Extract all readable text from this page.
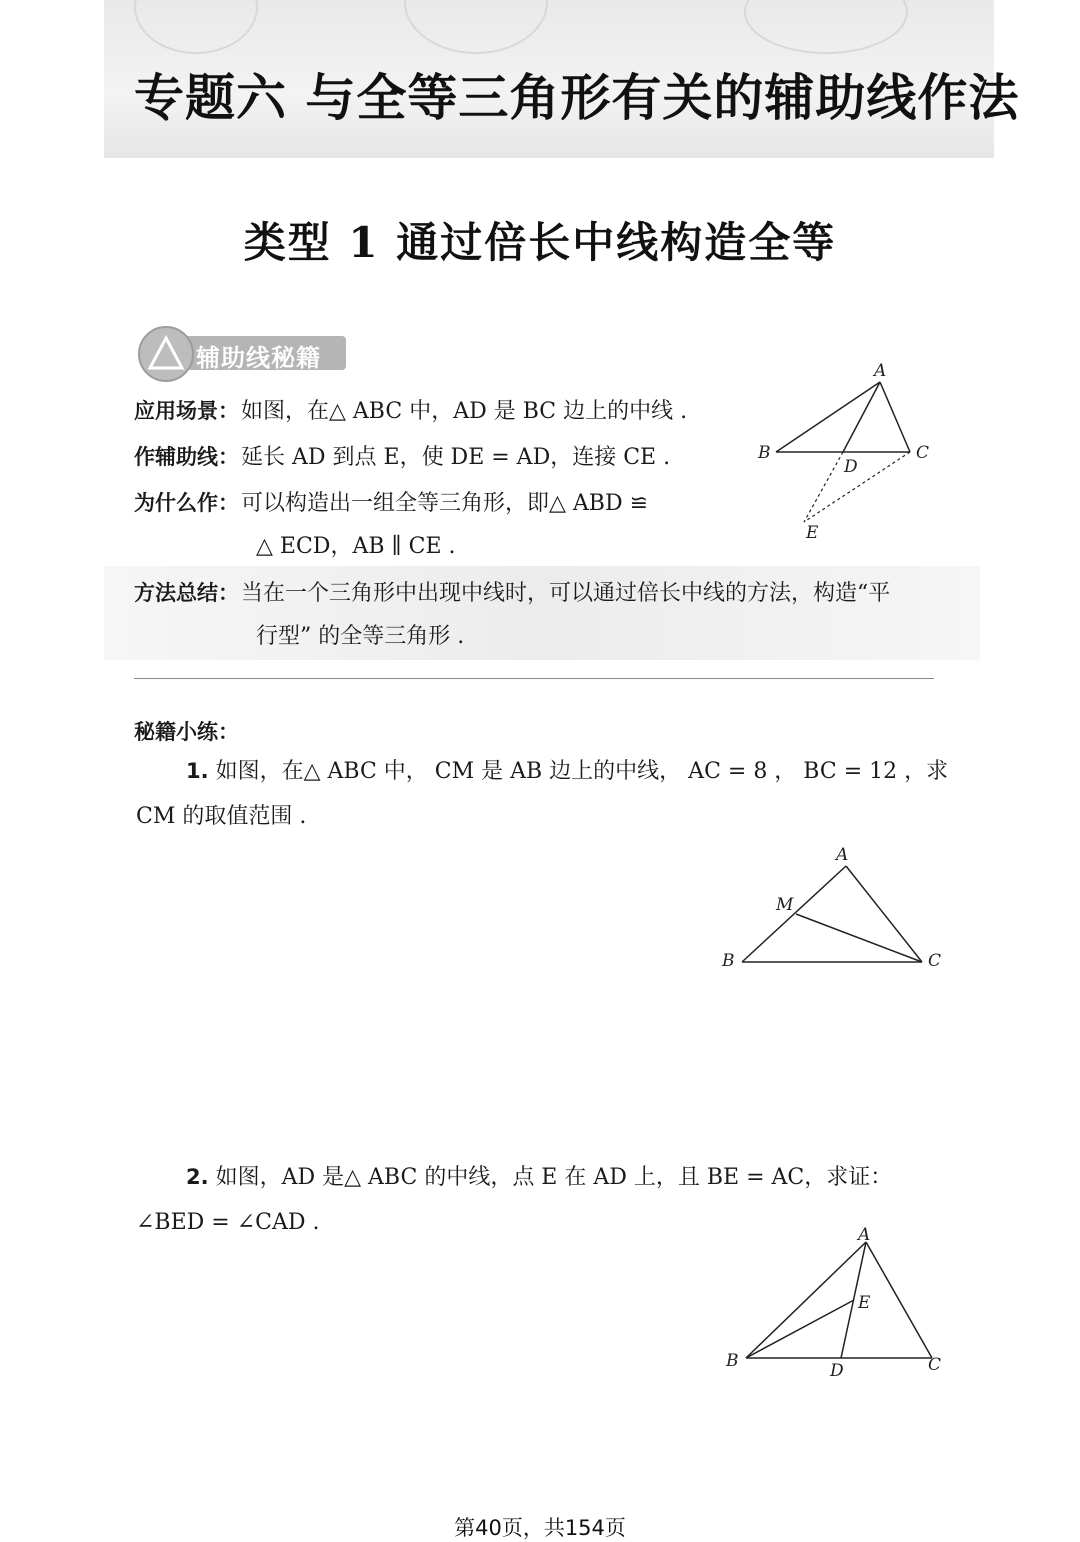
专题六 与全等三角形有关的辅助线作法
类型 1 通过倍长中线构造全等
辅助线秘籍
应用场景：如图，在△ ABC 中，AD 是 BC 边上的中线 .
作辅助线：延长 AD 到点 E，使 DE = AD，连接 CE .
为什么作：可以构造出一组全等三角形，即△ ABD ≌
△ ECD，AB ∥ CE .
方法总结：当在一个三角形中出现中线时，可以通过倍长中线的方法，构造“平
行型” 的全等三角形 .
A
B	C
D
E
秘籍小练：
1. 如图，在△ ABC 中， CM 是 AB 边上的中线， AC = 8 ， BC = 12 ，求
CM 的取值范围 .
A
B	C
M
2. 如图，AD 是△ ABC 的中线，点 E 在 AD 上，且 BE = AC，求证：
∠BED = ∠CAD .	A
B	C
D
E
第40页，共154页
